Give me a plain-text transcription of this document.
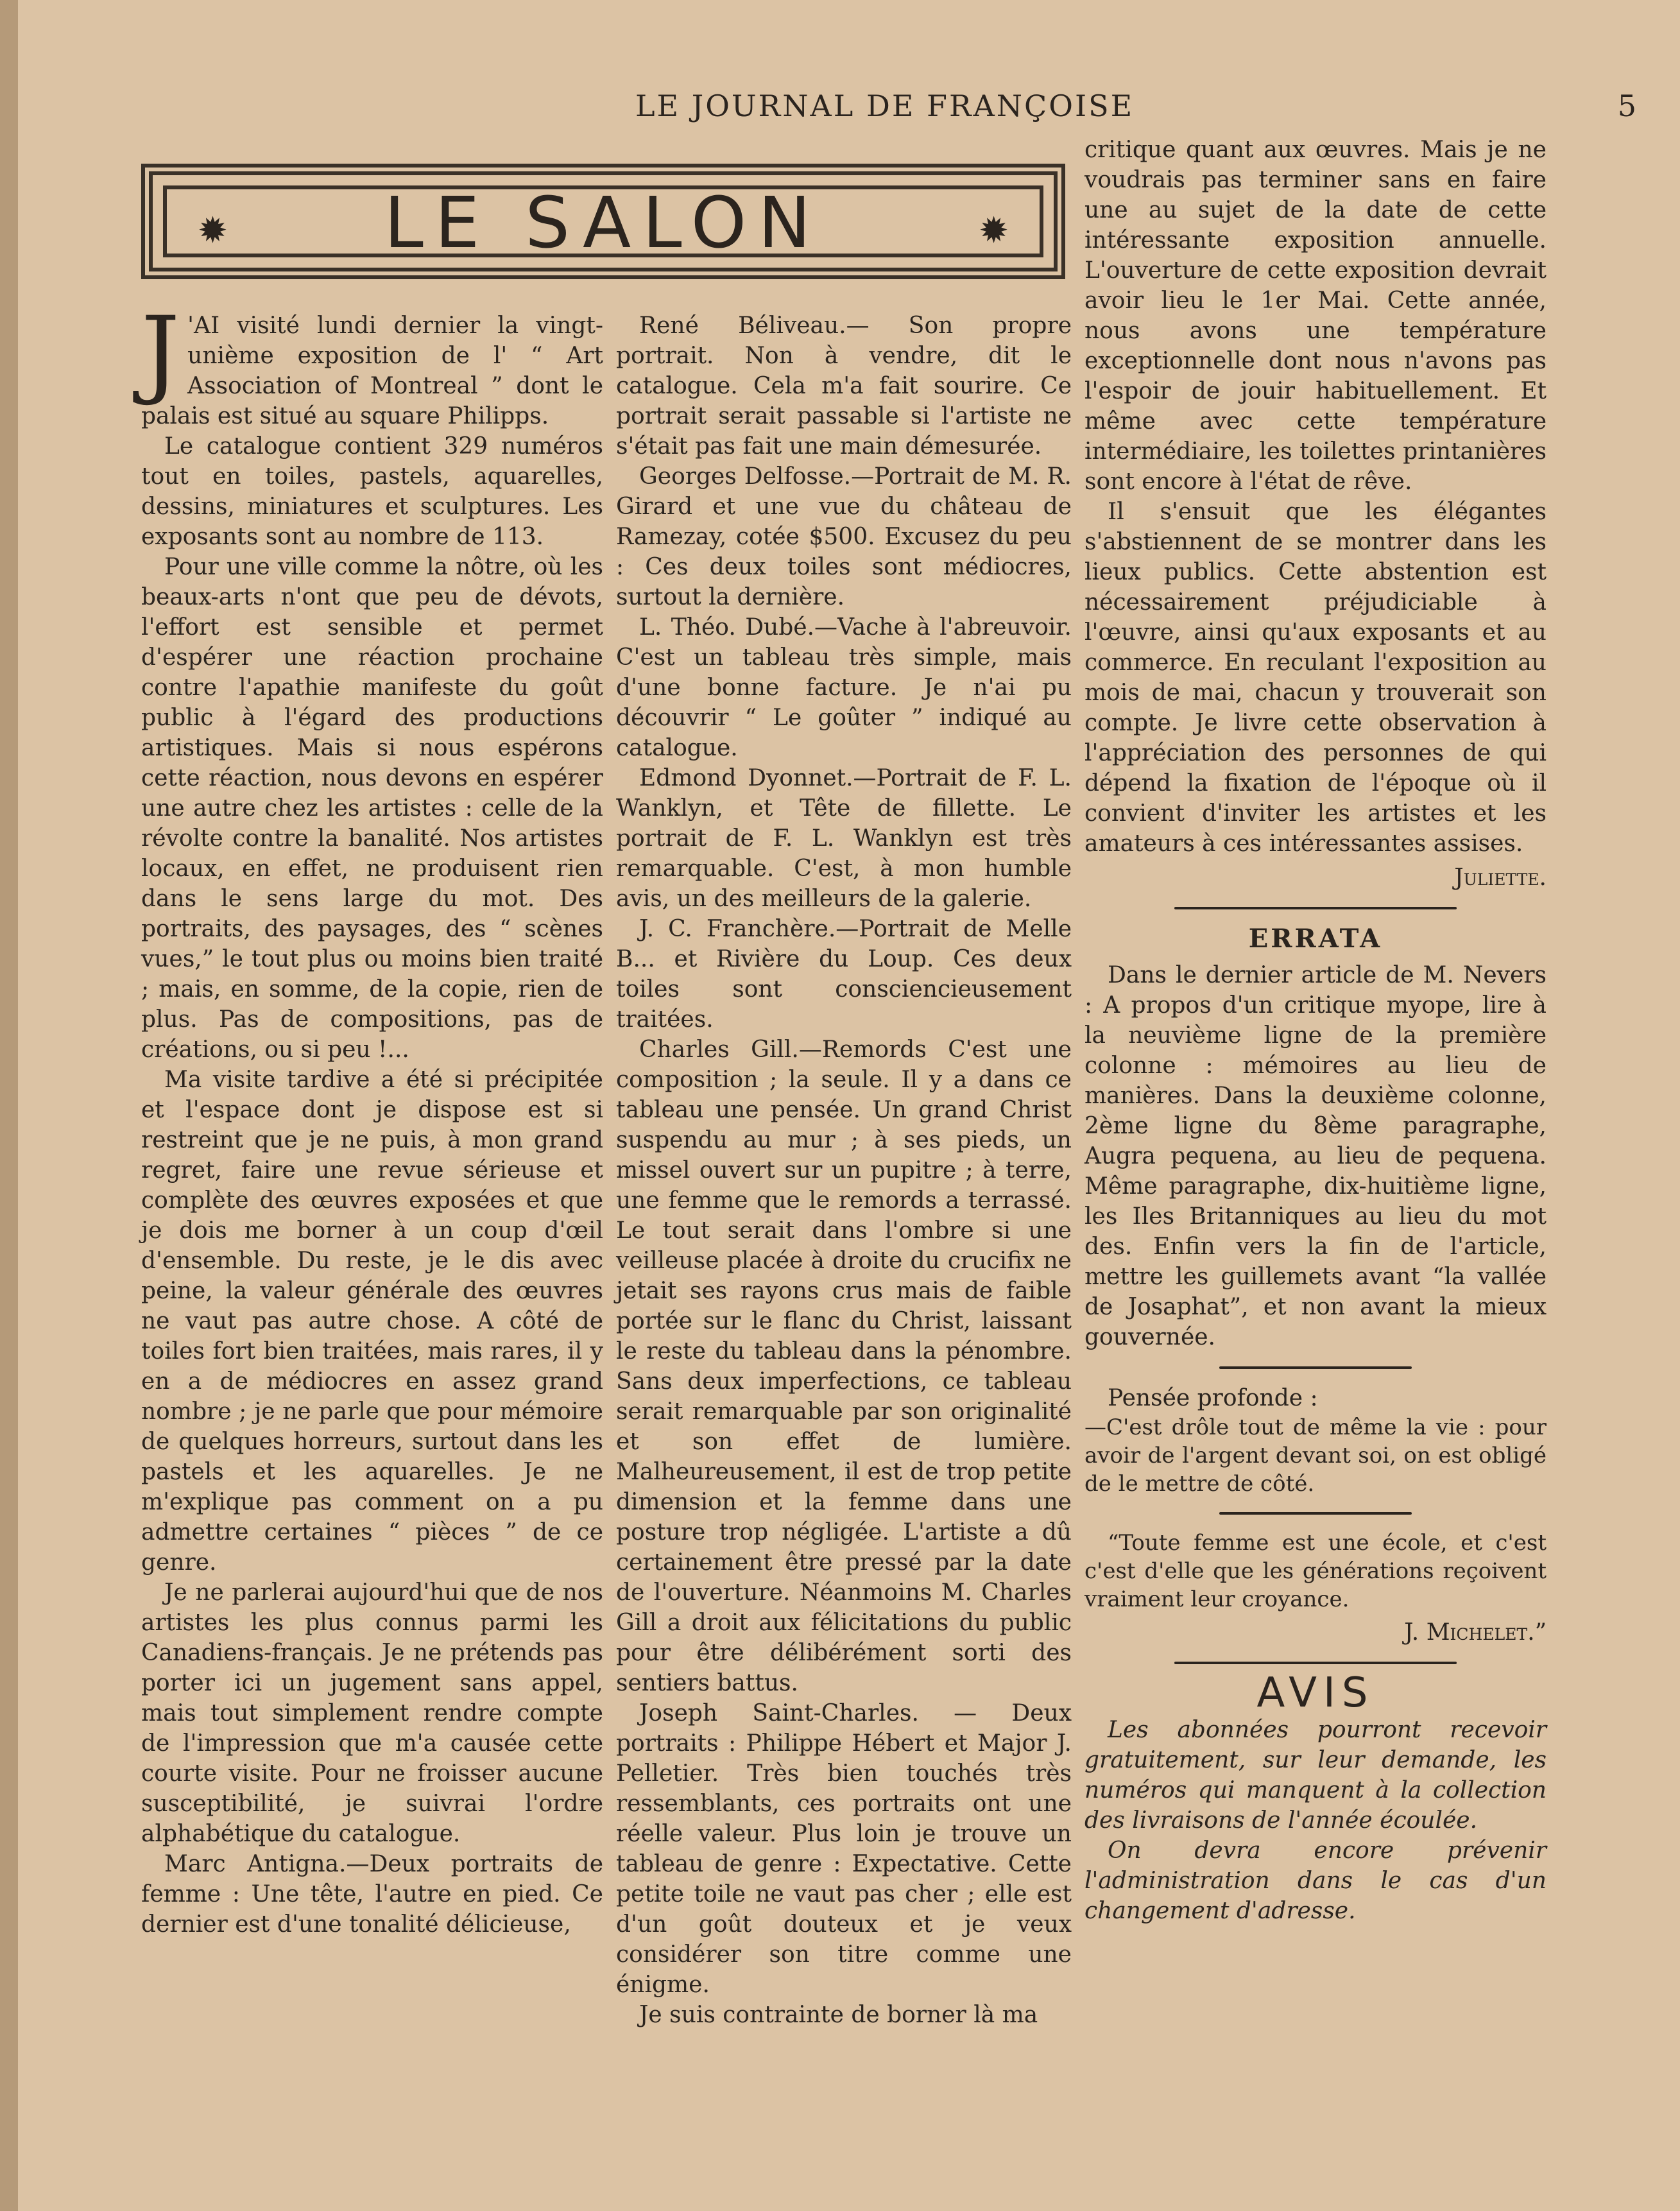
LE JOURNAL DE FRANÇOISE	5
✹	LE SALON	✹

J 'AI visité lundi dernier la vingt-unième exposition de l' “ Art Association of Montreal ” dont le palais est situé au square Philipps.

Le catalogue contient 329 numéros tout en toiles, pastels, aquarelles, dessins, miniatures et sculptures. Les exposants sont au nombre de 113.

Pour une ville comme la nôtre, où les beaux-arts n'ont que peu de dévots, l'effort est sensible et permet d'espérer une réaction prochaine contre l'apathie manifeste du goût public à l'égard des productions artistiques. Mais si nous espérons cette réaction, nous devons en espérer une autre chez les artistes : celle de la révolte contre la banalité. Nos artistes locaux, en effet, ne produisent rien dans le sens large du mot. Des portraits, des paysages, des “ scènes vues,” le tout plus ou moins bien traité ; mais, en somme, de la copie, rien de plus. Pas de compositions, pas de créations, ou si peu !...

Ma visite tardive a été si précipitée et l'espace dont je dispose est si restreint que je ne puis, à mon grand regret, faire une revue sérieuse et complète des œuvres exposées et que je dois me borner à un coup d'œil d'ensemble. Du reste, je le dis avec peine, la valeur générale des œuvres ne vaut pas autre chose. A côté de toiles fort bien traitées, mais rares, il y en a de médiocres en assez grand nombre ; je ne parle que pour mémoire de quelques horreurs, surtout dans les pastels et les aquarelles. Je ne m'explique pas comment on a pu admettre certaines “ pièces ” de ce genre.

Je ne parlerai aujourd'hui que de nos artistes les plus connus parmi les Canadiens-français. Je ne prétends pas porter ici un jugement sans appel, mais tout simplement rendre compte de l'impression que m'a causée cette courte visite. Pour ne froisser aucune susceptibilité, je suivrai l'ordre alphabétique du catalogue.

Marc Antigna.—Deux portraits de femme : Une tête, l'autre en pied. Ce dernier est d'une tonalité délicieuse,

René Béliveau.— Son propre portrait. Non à vendre, dit le catalogue. Cela m'a fait sourire. Ce portrait serait passable si l'artiste ne s'était pas fait une main démesurée.

Georges Delfosse.—Portrait de M. R. Girard et une vue du château de Ramezay, cotée $500. Excusez du peu : Ces deux toiles sont médiocres, surtout la dernière.

L. Théo. Dubé.—Vache à l'abreuvoir. C'est un tableau très simple, mais d'une bonne facture. Je n'ai pu découvrir “ Le goûter ” indiqué au catalogue.

Edmond Dyonnet.—Portrait de F. L. Wanklyn, et Tête de fillette. Le portrait de F. L. Wanklyn est très remarquable. C'est, à mon humble avis, un des meilleurs de la galerie.

J. C. Franchère.—Portrait de Melle B... et Rivière du Loup. Ces deux toiles sont consciencieusement traitées.

Charles Gill.—Remords C'est une composition ; la seule. Il y a dans ce tableau une pensée. Un grand Christ suspendu au mur ; à ses pieds, un missel ouvert sur un pupitre ; à terre, une femme que le remords a terrassé. Le tout serait dans l'ombre si une veilleuse placée à droite du crucifix ne jetait ses rayons crus mais de faible portée sur le flanc du Christ, laissant le reste du tableau dans la pénombre. Sans deux imperfections, ce tableau serait remarquable par son originalité et son effet de lumière. Malheureusement, il est de trop petite dimension et la femme dans une posture trop négligée. L'artiste a dû certainement être pressé par la date de l'ouverture. Néanmoins M. Charles Gill a droit aux félicitations du public pour être délibérément sorti des sentiers battus.

Joseph Saint-Charles. — Deux portraits : Philippe Hébert et Major J. Pelletier. Très bien touchés très ressemblants, ces portraits ont une réelle valeur. Plus loin je trouve un tableau de genre : Expectative. Cette petite toile ne vaut pas cher ; elle est d'un goût douteux et je veux considérer son titre comme une énigme.

Je suis contrainte de borner là ma

critique quant aux œuvres. Mais je ne voudrais pas terminer sans en faire une au sujet de la date de cette intéressante exposition annuelle. L'ouverture de cette exposition devrait avoir lieu le 1er Mai. Cette année, nous avons une température exceptionnelle dont nous n'avons pas l'espoir de jouir habituellement. Et même avec cette température intermédiaire, les toilettes printanières sont encore à l'état de rêve.

Il s'ensuit que les élégantes s'abstiennent de se montrer dans les lieux publics. Cette abstention est nécessairement préjudiciable à l'œuvre, ainsi qu'aux exposants et au commerce. En reculant l'exposition au mois de mai, chacun y trouverait son compte. Je livre cette observation à l'appréciation des personnes de qui dépend la fixation de l'époque où il convient d'inviter les artistes et les amateurs à ces intéressantes assises.

Juliette.
ERRATA

Dans le dernier article de M. Nevers : A propos d'un critique myope, lire à la neuvième ligne de la première colonne : mémoires au lieu de manières. Dans la deuxième colonne, 2ème ligne du 8ème paragraphe, Augra pequena, au lieu de pequena. Même paragraphe, dix-huitième ligne, les Iles Britanniques au lieu du mot des. Enfin vers la fin de l'article, mettre les guillemets avant “la vallée de Josaphat”, et non avant la mieux gouvernée.

Pensée profonde :

—C'est drôle tout de même la vie : pour avoir de l'argent devant soi, on est obligé de le mettre de côté.

“Toute femme est une école, et c'est c'est d'elle que les générations reçoivent vraiment leur croyance.

J. Michelet.”
AVIS

Les abonnées pourront recevoir gratuitement, sur leur demande, les numéros qui manquent à la collection des livraisons de l'année écoulée.

On devra encore prévenir l'administration dans le cas d'un changement d'adresse.
